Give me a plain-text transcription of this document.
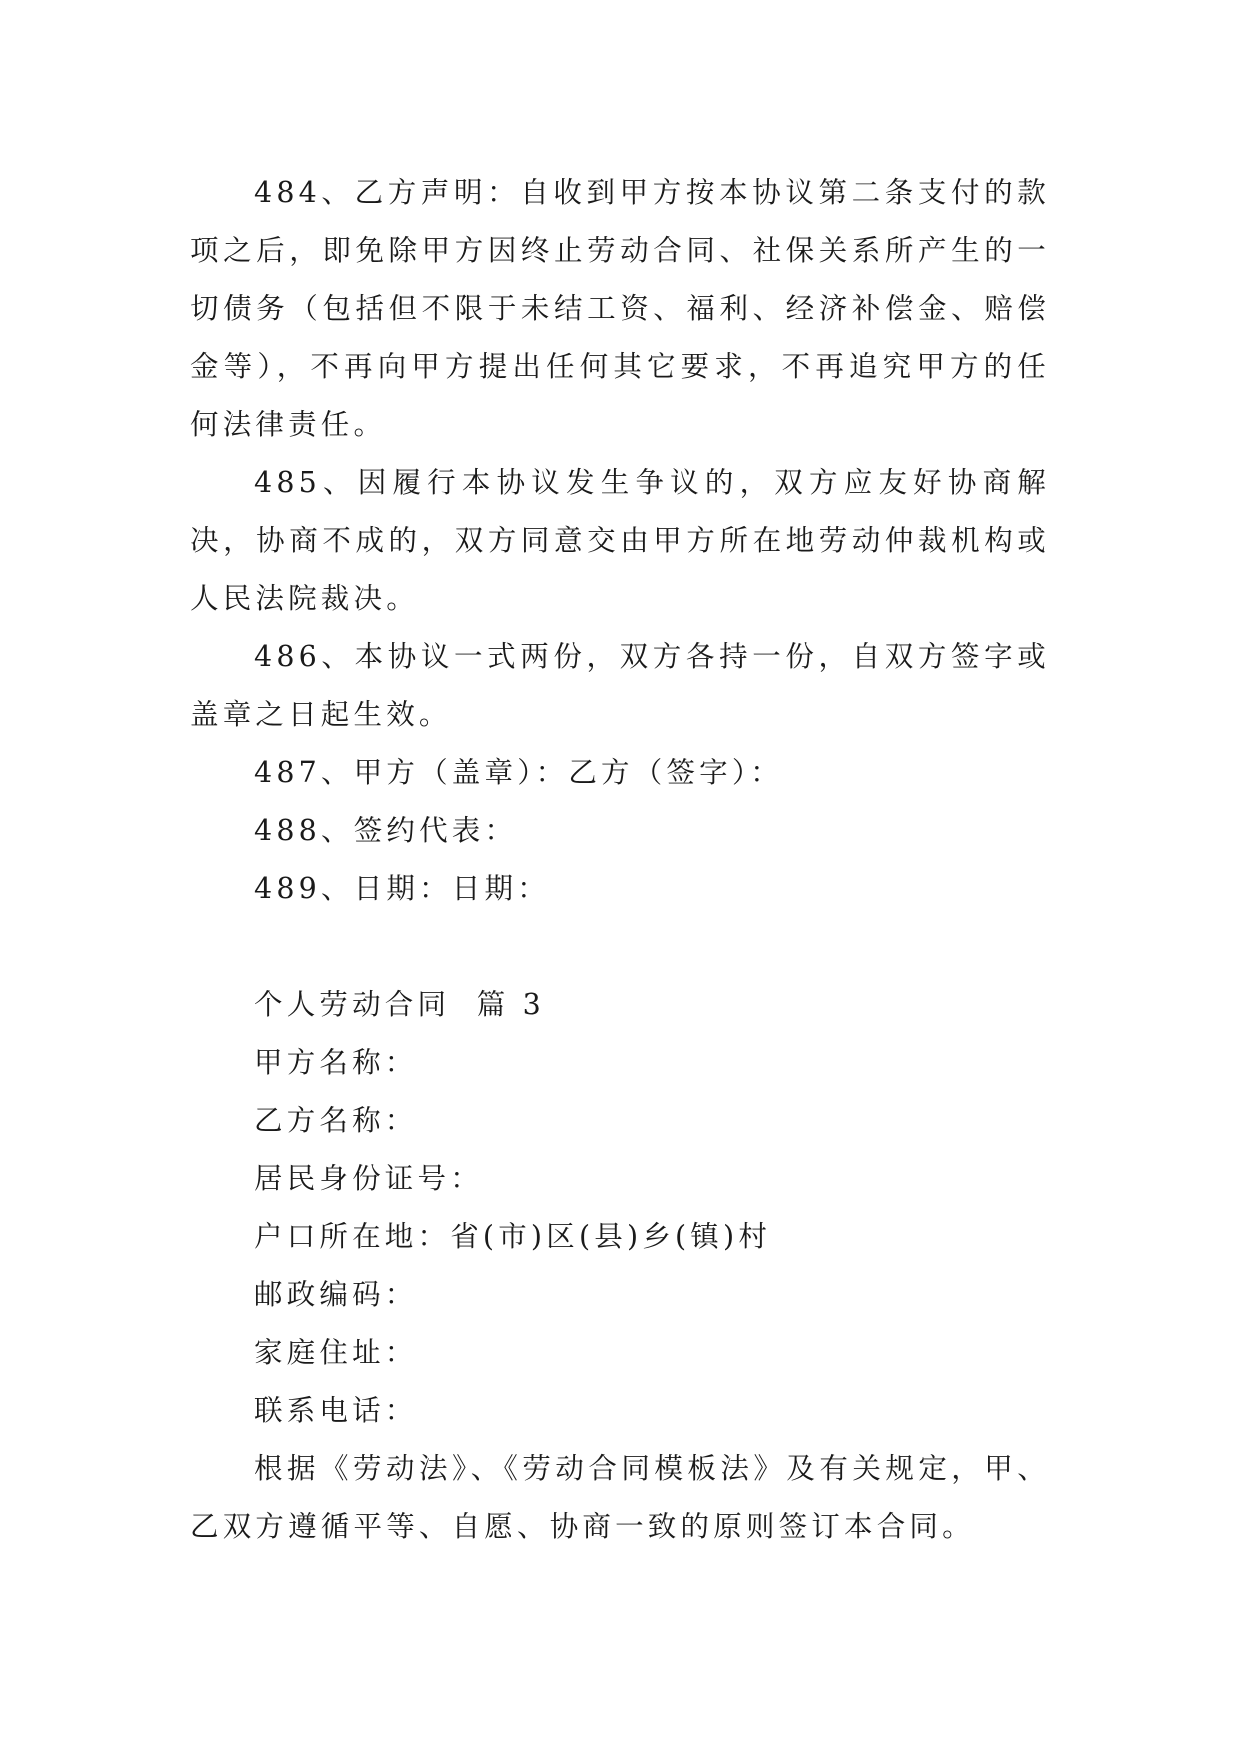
484、乙方声明：自收到甲方按本协议第二条支付的款项之后，即免除甲方因终止劳动合同、社保关系所产生的一切债务（包括但不限于未结工资、福利、经济补偿金、赔偿金等），不再向甲方提出任何其它要求，不再追究甲方的任何法律责任。

485、因履行本协议发生争议的，双方应友好协商解决，协商不成的，双方同意交由甲方所在地劳动仲裁机构或人民法院裁决。

486、本协议一式两份，双方各持一份，自双方签字或盖章之日起生效。

487、甲方（盖章）：乙方（签字）：

488、签约代表：

489、日期：日期：

个人劳动合同  篇 3

甲方名称：

乙方名称：

居民身份证号：

户口所在地：省(市)区(县)乡(镇)村

邮政编码：

家庭住址：

联系电话：

根据《劳动法》、《劳动合同模板法》及有关规定，甲、乙双方遵循平等、自愿、协商一致的原则签订本合同。
